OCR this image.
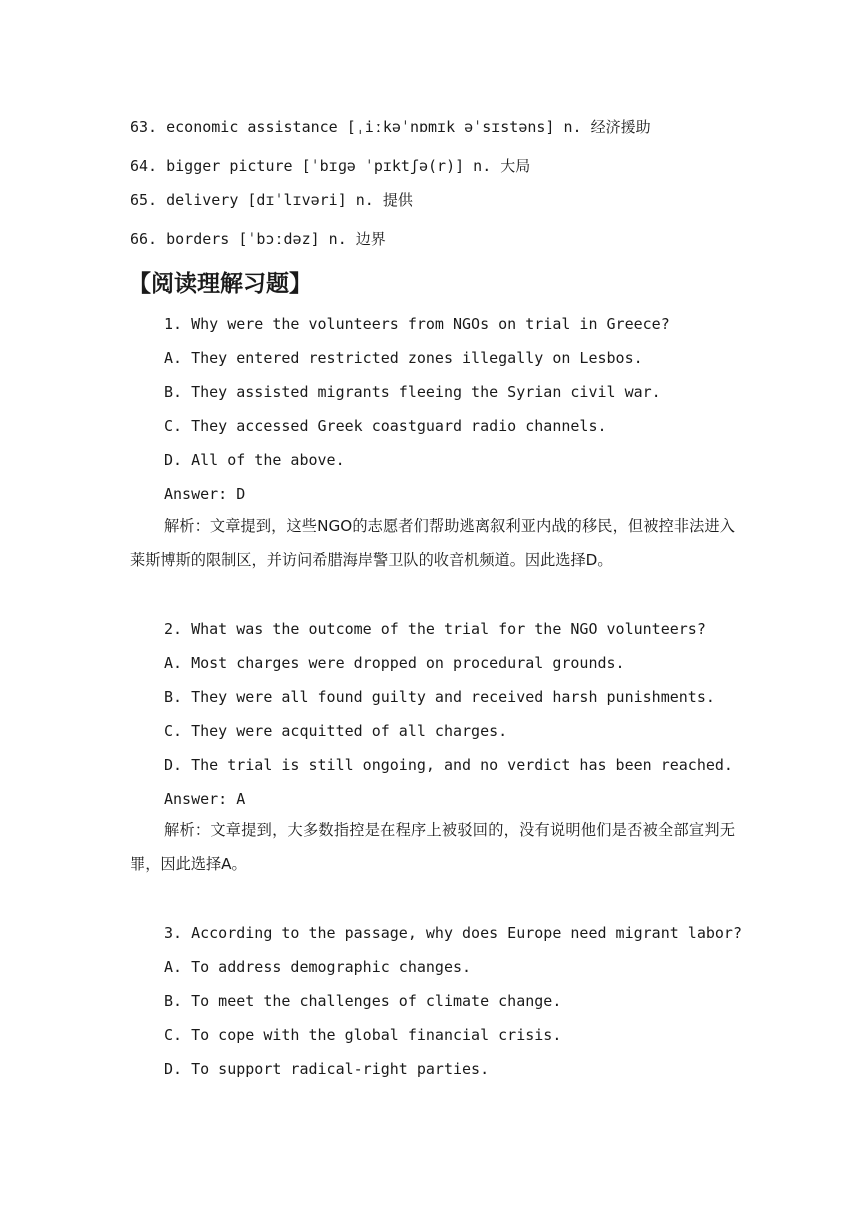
63. economic assistance [ˌiːkəˈnɒmɪk əˈsɪstəns] n. 经济援助
64. bigger picture [ˈbɪɡə ˈpɪktʃə(r)] n. 大局
65. delivery [dɪˈlɪvəri] n. 提供
66. borders [ˈbɔːdəz] n. 边界
【阅读理解习题】
1. Why were the volunteers from NGOs on trial in Greece?
A. They entered restricted zones illegally on Lesbos.
B. They assisted migrants fleeing the Syrian civil war.
C. They accessed Greek coastguard radio channels.
D. All of the above.
Answer: D
解析：文章提到，这些NGO的志愿者们帮助逃离叙利亚内战的移民，但被控非法进入莱斯博斯的限制区，并访问希腊海岸警卫队的收音机频道。因此选择D。
2. What was the outcome of the trial for the NGO volunteers?
A. Most charges were dropped on procedural grounds.
B. They were all found guilty and received harsh punishments.
C. They were acquitted of all charges.
D. The trial is still ongoing, and no verdict has been reached.
Answer: A
解析：文章提到，大多数指控是在程序上被驳回的，没有说明他们是否被全部宣判无罪，因此选择A。
3. According to the passage, why does Europe need migrant labor?
A. To address demographic changes.
B. To meet the challenges of climate change.
C. To cope with the global financial crisis.
D. To support radical-right parties.
